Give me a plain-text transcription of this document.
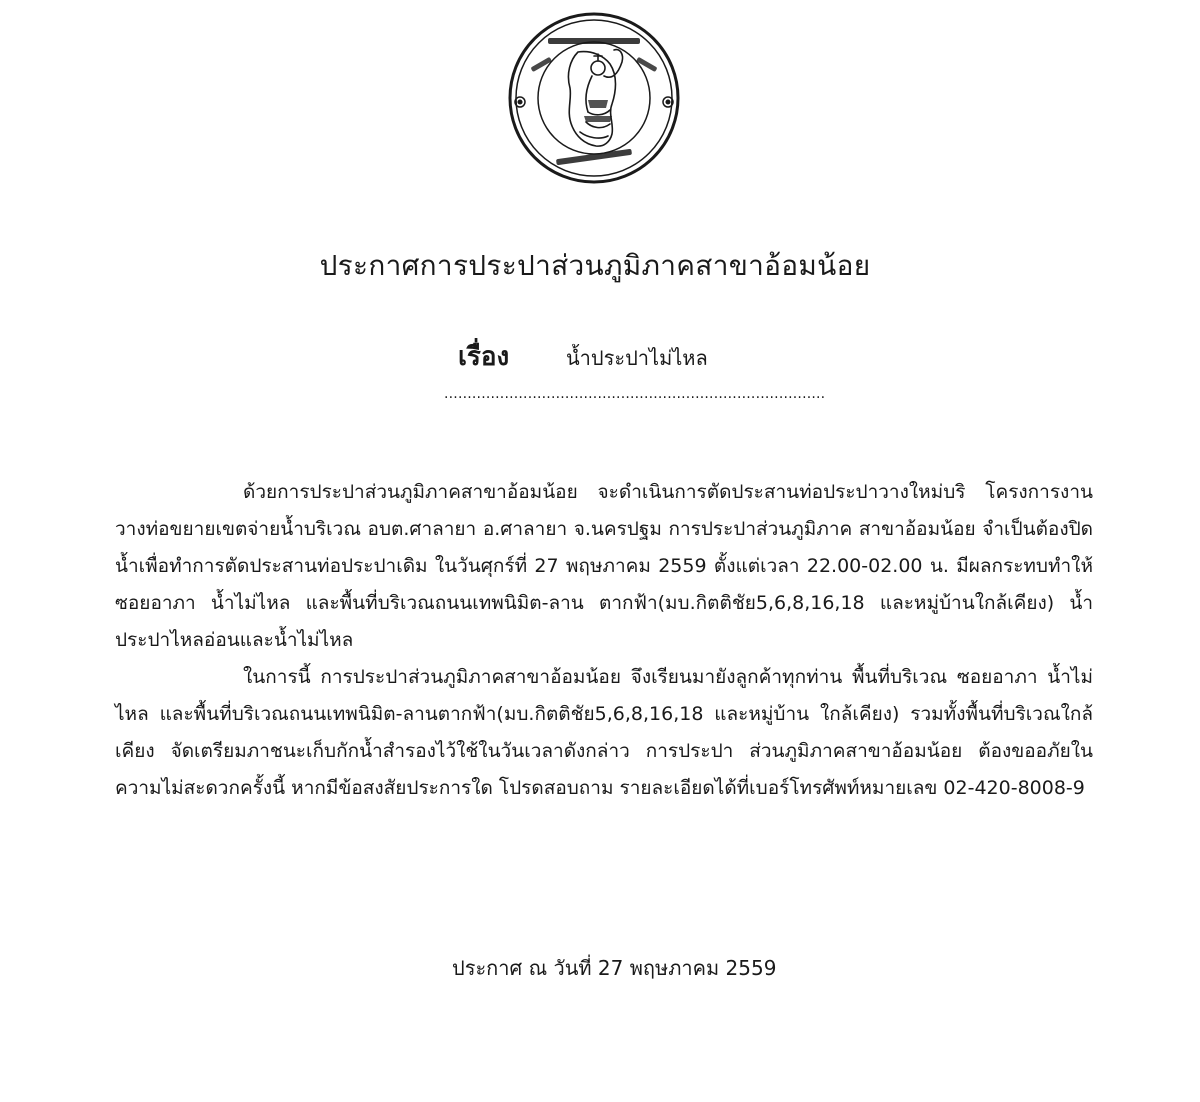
ประกาศการประปาส่วนภูมิภาคสาขาอ้อมน้อย
เรื่อง	น้ำประปาไม่ไหล
..................................................................................

ด้วยการประปาส่วนภูมิภาคสาขาอ้อมน้อย จะดำเนินการตัดประสานท่อประปาวางใหม่บริ โครงการงานวางท่อขยายเขตจ่ายน้ำบริเวณ อบต.ศาลายา อ.ศาลายา จ.นครปฐม การประปาส่วนภูมิภาค สาขาอ้อมน้อย จำเป็นต้องปิดน้ำเพื่อทำการตัดประสานท่อประปาเดิม ในวันศุกร์ที่ 27 พฤษภาคม 2559 ตั้งแต่เวลา 22.00-02.00 น. มีผลกระทบทำให้ ซอยอาภา น้ำไม่ไหล และพื้นที่บริเวณถนนเทพนิมิต-ลาน ตากฟ้า(มบ.กิตติชัย5,6,8,16,18 และหมู่บ้านใกล้เคียง) น้ำประปาไหลอ่อนและน้ำไม่ไหล

ในการนี้ การประปาส่วนภูมิภาคสาขาอ้อมน้อย จึงเรียนมายังลูกค้าทุกท่าน พื้นที่บริเวณ ซอยอาภา น้ำไม่ไหล และพื้นที่บริเวณถนนเทพนิมิต-ลานตากฟ้า(มบ.กิตติชัย5,6,8,16,18 และหมู่บ้าน ใกล้เคียง) รวมทั้งพื้นที่บริเวณใกล้เคียง จัดเตรียมภาชนะเก็บกักน้ำสำรองไว้ใช้ในวันเวลาดังกล่าว การประปา ส่วนภูมิภาคสาขาอ้อมน้อย ต้องขออภัยในความไม่สะดวกครั้งนี้ หากมีข้อสงสัยประการใด โปรดสอบถาม รายละเอียดได้ที่เบอร์โทรศัพท์หมายเลข 02-420-8008-9

ประกาศ ณ วันที่ 27 พฤษภาคม 2559
